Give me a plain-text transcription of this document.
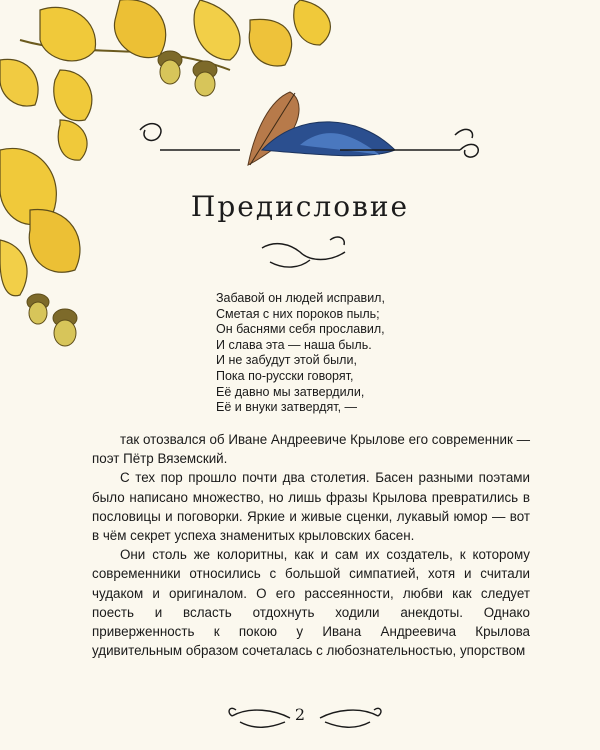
Предисловие
Забавой он людей исправил,
Сметая с них пороков пыль;
Он баснями себя прославил,
И слава эта — наша быль.
И не забудут этой были,
Пока по-русски говорят,
Её давно мы затвердили,
Её и внуки затвердят, —

так отозвался об Иване Андреевиче Крылове его современник — поэт Пётр Вяземский.

С тех пор прошло почти два столетия. Басен разными поэтами было написано множество, но лишь фразы Крылова превратились в пословицы и поговорки. Яркие и живые сценки, лукавый юмор — вот в чём секрет успеха знаменитых крыловских басен.

Они столь же колоритны, как и сам их создатель, к которому современники относились с большой симпатией, хотя и считали чудаком и оригиналом. О его рассеянности, любви как следует поесть и всласть отдохнуть ходили анекдоты. Однако приверженность к покою у Ивана Андреевича Крылова удивительным образом сочеталась с любознательностью, упорством

2
